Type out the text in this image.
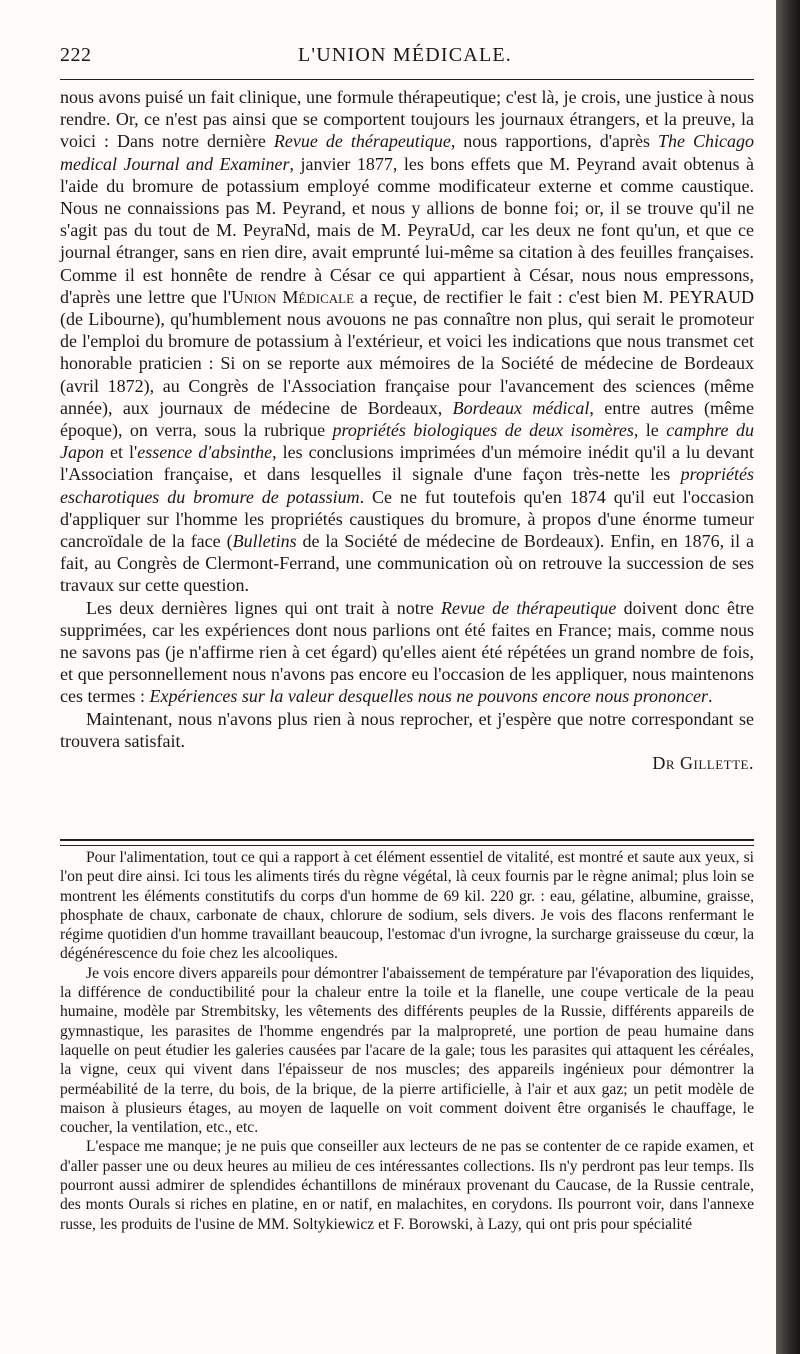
222	L'UNION MÉDICALE.

nous avons puisé un fait clinique, une formule thérapeutique; c'est là, je crois, une justice à nous rendre. Or, ce n'est pas ainsi que se comportent toujours les journaux étrangers, et la preuve, la voici : Dans notre dernière Revue de thérapeutique, nous rapportions, d'après The Chicago medical Journal and Examiner, janvier 1877, les bons effets que M. Peyrand avait obtenus à l'aide du bromure de potassium employé comme modificateur externe et comme caustique. Nous ne connaissions pas M. Peyrand, et nous y allions de bonne foi; or, il se trouve qu'il ne s'agit pas du tout de M. PeyraNd, mais de M. PeyraUd, car les deux ne font qu'un, et que ce journal étranger, sans en rien dire, avait emprunté lui-même sa citation à des feuilles françaises. Comme il est honnête de rendre à César ce qui appartient à César, nous nous empressons, d'après une lettre que l'Union Médicale a reçue, de rectifier le fait : c'est bien M. PEYRAUD (de Libourne), qu'humblement nous avouons ne pas connaître non plus, qui serait le promoteur de l'emploi du bromure de potassium à l'extérieur, et voici les indications que nous transmet cet honorable praticien : Si on se reporte aux mémoires de la Société de médecine de Bordeaux (avril 1872), au Congrès de l'Association française pour l'avancement des sciences (même année), aux journaux de médecine de Bordeaux, Bordeaux médical, entre autres (même époque), on verra, sous la rubrique propriétés biologiques de deux isomères, le camphre du Japon et l'essence d'absinthe, les conclusions imprimées d'un mémoire inédit qu'il a lu devant l'Association française, et dans lesquelles il signale d'une façon très-nette les propriétés escharotiques du bromure de potassium. Ce ne fut toutefois qu'en 1874 qu'il eut l'occasion d'appliquer sur l'homme les propriétés caustiques du bromure, à propos d'une énorme tumeur cancroïdale de la face (Bulletins de la Société de médecine de Bordeaux). Enfin, en 1876, il a fait, au Congrès de Clermont-Ferrand, une communication où on retrouve la succession de ses travaux sur cette question.

Les deux dernières lignes qui ont trait à notre Revue de thérapeutique doivent donc être supprimées, car les expériences dont nous parlions ont été faites en France; mais, comme nous ne savons pas (je n'affirme rien à cet égard) qu'elles aient été répétées un grand nombre de fois, et que personnellement nous n'avons pas encore eu l'occasion de les appliquer, nous maintenons ces termes : Expériences sur la valeur desquelles nous ne pouvons encore nous prononcer.

Maintenant, nous n'avons plus rien à nous reprocher, et j'espère que notre correspondant se trouvera satisfait.

Dr Gillette.

Pour l'alimentation, tout ce qui a rapport à cet élément essentiel de vitalité, est montré et saute aux yeux, si l'on peut dire ainsi. Ici tous les aliments tirés du règne végétal, là ceux fournis par le règne animal; plus loin se montrent les éléments constitutifs du corps d'un homme de 69 kil. 220 gr. : eau, gélatine, albumine, graisse, phosphate de chaux, carbonate de chaux, chlorure de sodium, sels divers. Je vois des flacons renfermant le régime quotidien d'un homme travaillant beaucoup, l'estomac d'un ivrogne, la surcharge graisseuse du cœur, la dégénérescence du foie chez les alcooliques.

Je vois encore divers appareils pour démontrer l'abaissement de température par l'évaporation des liquides, la différence de conductibilité pour la chaleur entre la toile et la flanelle, une coupe verticale de la peau humaine, modèle par Strembitsky, les vêtements des différents peuples de la Russie, différents appareils de gymnastique, les parasites de l'homme engendrés par la malpropreté, une portion de peau humaine dans laquelle on peut étudier les galeries causées par l'acare de la gale; tous les parasites qui attaquent les céréales, la vigne, ceux qui vivent dans l'épaisseur de nos muscles; des appareils ingénieux pour démontrer la perméabilité de la terre, du bois, de la brique, de la pierre artificielle, à l'air et aux gaz; un petit modèle de maison à plusieurs étages, au moyen de laquelle on voit comment doivent être organisés le chauffage, le coucher, la ventilation, etc., etc.

L'espace me manque; je ne puis que conseiller aux lecteurs de ne pas se contenter de ce rapide examen, et d'aller passer une ou deux heures au milieu de ces intéressantes collections. Ils n'y perdront pas leur temps. Ils pourront aussi admirer de splendides échantillons de minéraux provenant du Caucase, de la Russie centrale, des monts Ourals si riches en platine, en or natif, en malachites, en corydons. Ils pourront voir, dans l'annexe russe, les produits de l'usine de MM. Soltykiewicz et F. Borowski, à Lazy, qui ont pris pour spécialité
